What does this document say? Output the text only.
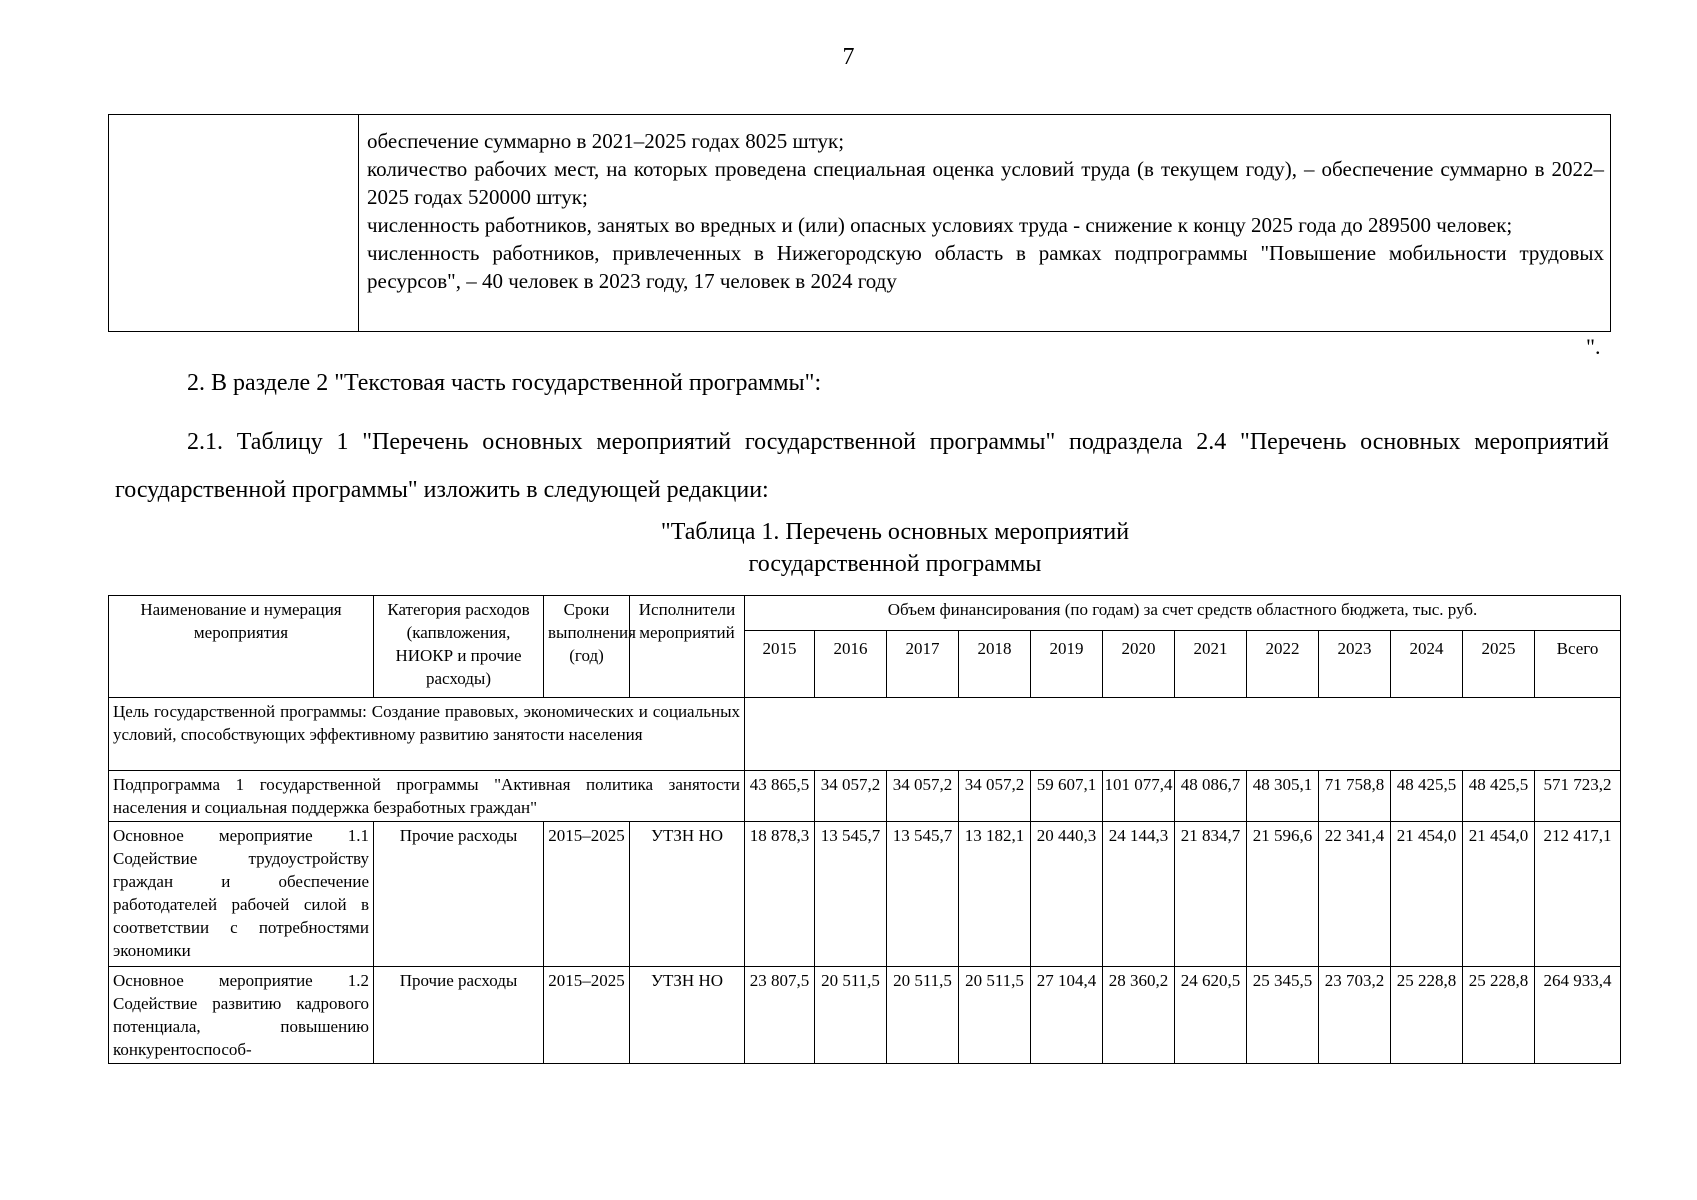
7

обеспечение суммарно в 2021–2025 годах 8025 штук;

количество рабочих мест, на которых проведена специальная оценка условий труда (в текущем году), – обеспечение суммарно в 2022–2025 годах 520000 штук;

численность работников, занятых во вредных и (или) опасных условиях труда - снижение к концу 2025 года до 289500 человек;

численность работников, привлеченных в Нижегородскую область в рамках подпрограммы "Повышение мобильности трудовых ресурсов", – 40 человек в 2023 году, 17 человек в 2024 году

".
2. В разделе 2 "Текстовая часть государственной программы":
2.1. Таблицу 1 "Перечень основных мероприятий государственной программы" подраздела 2.4 "Перечень основных мероприятий государственной программы" изложить в следующей редакции:
"Таблица 1. Перечень основных мероприятий
государственной программы
Наименование и нумерация мероприятия	Категория расходов (капвложения, НИОКР и прочие расходы)	Сроки выполнения (год)	Исполнители мероприятий	Объем финансирования (по годам) за счет средств областного бюджета, тыс. руб.											
				2015	2016	2017	2018	2019	2020	2021	2022	2023	2024	2025	Всего
Цель государственной программы: Создание правовых, экономических и социальных условий, способствующих эффективному развитию занятости населения															
Подпрограмма 1 государственной программы "Активная политика занятости населения и социальная поддержка безработных граждан"				43 865,5	34 057,2	34 057,2	34 057,2	59 607,1	101 077,4	48 086,7	48 305,1	71 758,8	48 425,5	48 425,5	571 723,2
Основное мероприятие 1.1 Содействие трудоустройству граждан и обеспечение работодателей рабочей силой в соответствии с потребностями экономики	Прочие расходы	2015–2025	УТЗН НО	18 878,3	13 545,7	13 545,7	13 182,1	20 440,3	24 144,3	21 834,7	21 596,6	22 341,4	21 454,0	21 454,0	212 417,1
Основное мероприятие 1.2 Содействие развитию кадрового потенциала, повышению конкурентоспособ-	Прочие расходы	2015–2025	УТЗН НО	23 807,5	20 511,5	20 511,5	20 511,5	27 104,4	28 360,2	24 620,5	25 345,5	23 703,2	25 228,8	25 228,8	264 933,4
